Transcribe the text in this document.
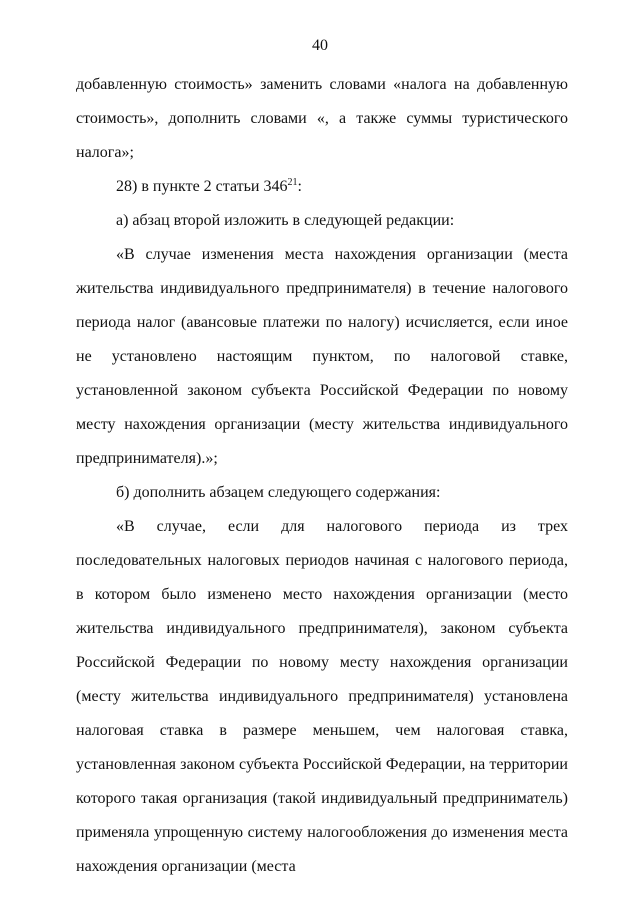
40

добавленную стоимость» заменить словами «налога на добавленную стоимость», дополнить словами «, а также суммы туристического налога»;

28) в пункте 2 статьи $346^{21}$:

а) абзац второй изложить в следующей редакции:

«В случае изменения места нахождения организации (места жительства индивидуального предпринимателя) в течение налогового периода налог (авансовые платежи по налогу) исчисляется, если иное не установлено настоящим пунктом, по налоговой ставке, установленной законом субъекта Российской Федерации по новому месту нахождения организации (месту жительства индивидуального предпринимателя).»;

б) дополнить абзацем следующего содержания:

«В случае, если для налогового периода из трех последовательных налоговых периодов начиная с налогового периода, в котором было изменено место нахождения организации (место жительства индивидуального предпринимателя), законом субъекта Российской Федерации по новому месту нахождения организации (месту жительства индивидуального предпринимателя) установлена налоговая ставка в размере меньшем, чем налоговая ставка, установленная законом субъекта Российской Федерации, на территории которого такая организация (такой индивидуальный предприниматель) применяла упрощенную систему налогообложения до изменения места нахождения организации (места
